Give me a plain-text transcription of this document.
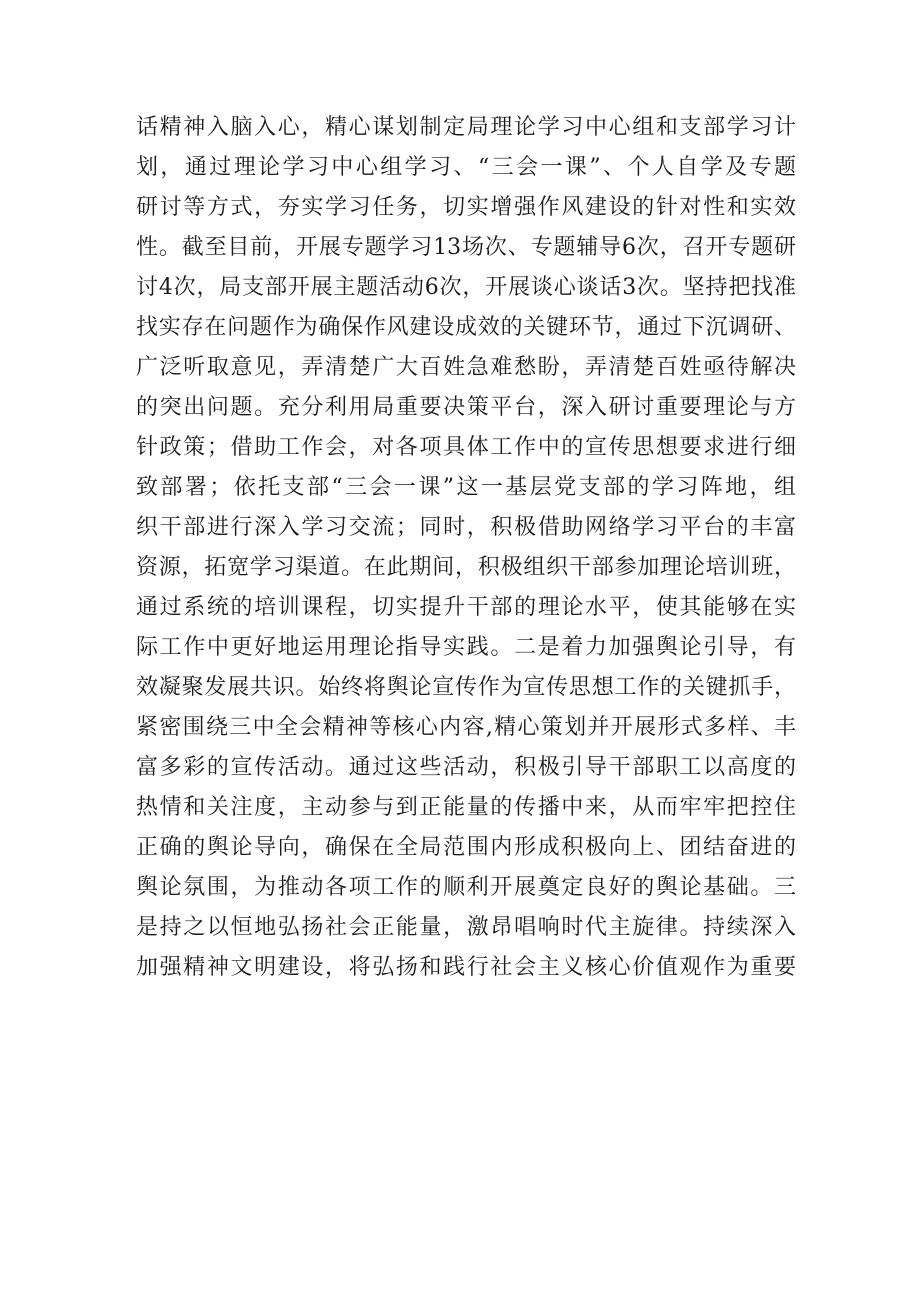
话精神入脑入心，精心谋划制定局理论学习中心组和支部学习计
划，通过理论学习中心组学习、“三会一课”、个人自学及专题
研讨等方式，夯实学习任务，切实增强作风建设的针对性和实效
性。截至目前，开展专题学习13场次、专题辅导6次，召开专题研
讨4次，局支部开展主题活动6次，开展谈心谈话3次。坚持把找准
找实存在问题作为确保作风建设成效的关键环节，通过下沉调研、
广泛听取意见，弄清楚广大百姓急难愁盼，弄清楚百姓亟待解决
的突出问题。充分利用局重要决策平台，深入研讨重要理论与方
针政策；借助工作会，对各项具体工作中的宣传思想要求进行细
致部署；依托支部“三会一课”这一基层党支部的学习阵地，组
织干部进行深入学习交流；同时，积极借助网络学习平台的丰富
资源，拓宽学习渠道。在此期间，积极组织干部参加理论培训班，
通过系统的培训课程，切实提升干部的理论水平，使其能够在实
际工作中更好地运用理论指导实践。二是着力加强舆论引导，有
效凝聚发展共识。始终将舆论宣传作为宣传思想工作的关键抓手，
紧密围绕三中全会精神等核心内容,精心策划并开展形式多样、丰
富多彩的宣传活动。通过这些活动，积极引导干部职工以高度的
热情和关注度，主动参与到正能量的传播中来，从而牢牢把控住
正确的舆论导向，确保在全局范围内形成积极向上、团结奋进的
舆论氛围，为推动各项工作的顺利开展奠定良好的舆论基础。三
是持之以恒地弘扬社会正能量，激昂唱响时代主旋律。持续深入
加强精神文明建设，将弘扬和践行社会主义核心价值观作为重要
